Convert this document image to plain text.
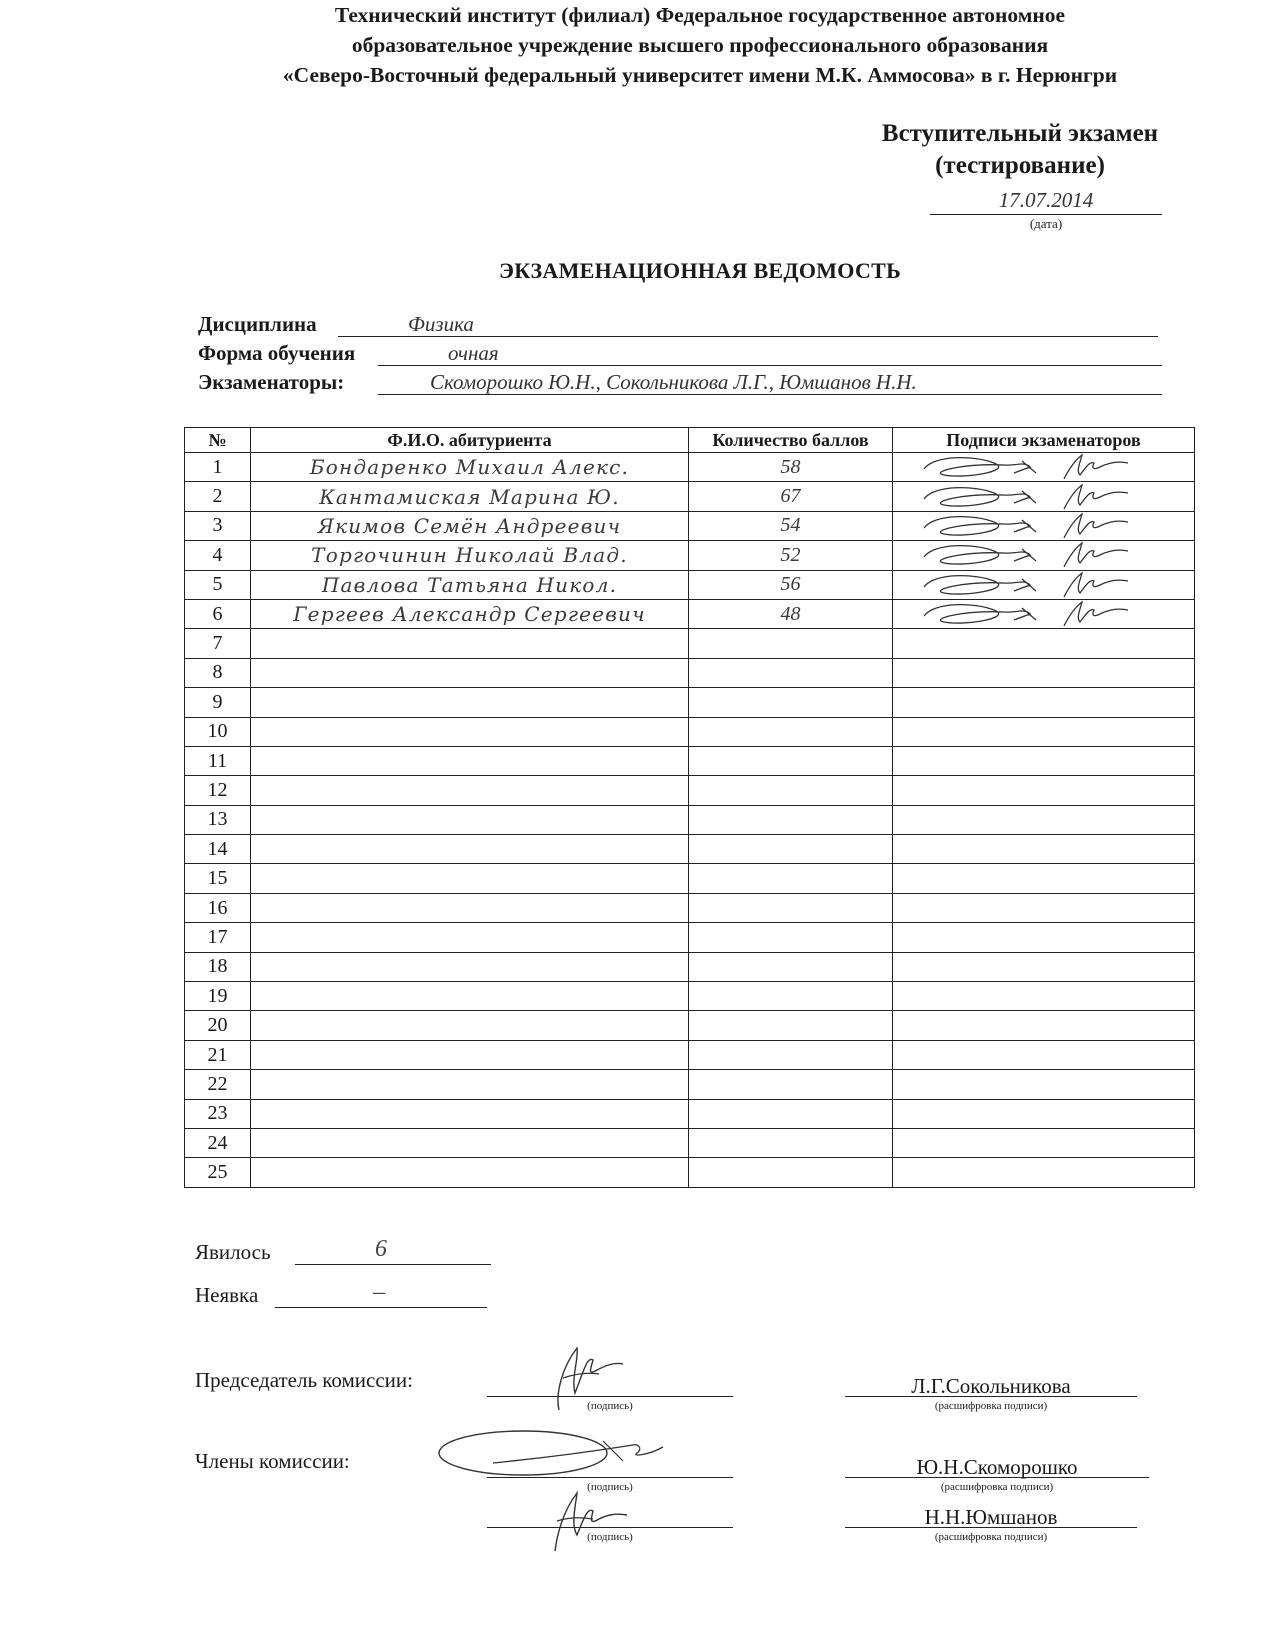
Технический институт (филиал) Федеральное государственное автономное
образовательное учреждение высшего профессионального образования
«Северо-Восточный федеральный университет имени М.К. Аммосова» в г. Нерюнгри
Вступительный экзамен
(тестирование)
17.07.2014
(дата)
ЭКЗАМЕНАЦИОННАЯ ВЕДОМОСТЬ
Дисциплина	Физика
Форма обучения	очная
Экзаменаторы:	Скоморошко Ю.Н., Сокольникова Л.Г., Юмшанов Н.Н.
№	Ф.И.О. абитуриента	Количество баллов	Подписи экзаменаторов
1	Бондаренко Михаил Алекс.	58	

2	Кантамиская Марина Ю.	67	

3	Якимов Семён Андреевич	54	

4	Торгочинин Николай Влад.	52	

5	Павлова Татьяна Никол.	56	

6	Гергеев Александр Сергеевич	48	

7			
8			
9			
10			
11			
12			
13			
14			
15			
16			
17			
18			
19			
20			
21			
22			
23			
24			
25			
Явилось	6
Неявка	–
Председатель комиссии:
(подпись)
Л.Г.Сокольникова
(расшифровка подписи)
Члены комиссии:
(подпись)
Ю.Н.Скоморошко
(расшифровка подписи)
(подпись)
Н.Н.Юмшанов
(расшифровка подписи)
